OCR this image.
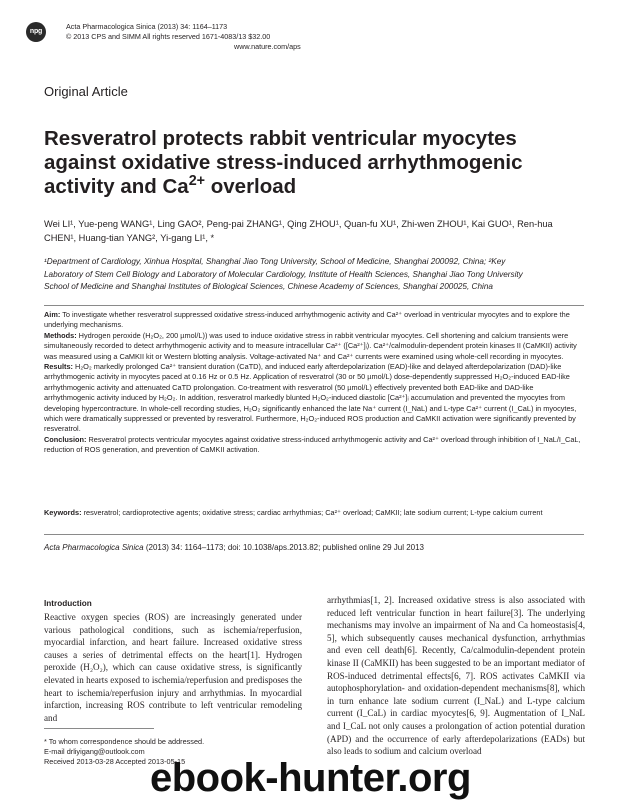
npg
Acta Pharmacologica Sinica (2013) 34: 1164–1173
© 2013 CPS and SIMM All rights reserved 1671-4083/13 $32.00
www.nature.com/aps
Original Article
Resveratrol protects rabbit ventricular myocytes
against oxidative stress-induced arrhythmogenic
activity and $Ca^{2+}$ overload
Wei LI¹, Yue-peng WANG¹, Ling GAO², Peng-pai ZHANG¹, Qing ZHOU¹, Quan-fu XU¹, Zhi-wen ZHOU¹, Kai GUO¹, Ren-hua
CHEN¹, Huang-tian YANG², Yi-gang LI¹, *
¹Department of Cardiology, Xinhua Hospital, Shanghai Jiao Tong University, School of Medicine, Shanghai 200092, China; ²Key
Laboratory of Stem Cell Biology and Laboratory of Molecular Cardiology, Institute of Health Sciences, Shanghai Jiao Tong University
School of Medicine and Shanghai Institutes of Biological Sciences, Chinese Academy of Sciences, Shanghai 200025, China

Aim: To investigate whether resveratrol suppressed oxidative stress-induced arrhythmogenic activity and Ca²⁺ overload in ventricular myocytes and to explore the underlying mechanisms.

Methods: Hydrogen peroxide (H₂O₂, 200 µmol/L)) was used to induce oxidative stress in rabbit ventricular myocytes. Cell shortening and calcium transients were simultaneously recorded to detect arrhythmogenic activity and to measure intracellular Ca²⁺ ([Ca²⁺]ᵢ). Ca²⁺/calmodulin-dependent protein kinases II (CaMKII) activity was measured using a CaMKII kit or Western blotting analysis. Voltage-activated Na⁺ and Ca²⁺ currents were examined using whole-cell recording in myocytes.

Results: H₂O₂ markedly prolonged Ca²⁺ transient duration (CaTD), and induced early afterdepolarization (EAD)-like and delayed afterdepolarization (DAD)-like arrhythmogenic activity in myocytes paced at 0.16 Hz or 0.5 Hz. Application of resveratrol (30 or 50 µmol/L) dose-dependently suppressed H₂O₂-induced EAD-like arrhythmogenic activity and attenuated CaTD prolongation. Co-treatment with resveratrol (50 µmol/L) effectively prevented both EAD-like and DAD-like arrhythmogenic activity induced by H₂O₂. In addition, resveratrol markedly blunted H₂O₂-induced diastolic [Ca²⁺]ᵢ accumulation and prevented the myocytes from developing hypercontracture. In whole-cell recording studies, H₂O₂ significantly enhanced the late Na⁺ current (I_NaL) and L-type Ca²⁺ current (I_CaL) in myocytes, which were dramatically suppressed or prevented by resveratrol. Furthermore, H₂O₂-induced ROS production and CaMKII activation were significantly prevented by resveratrol.

Conclusion: Resveratrol protects ventricular myocytes against oxidative stress-induced arrhythmogenic activity and Ca²⁺ overload through inhibition of I_NaL/I_CaL, reduction of ROS generation, and prevention of CaMKII activation.

Keywords: resveratrol; cardioprotective agents; oxidative stress; cardiac arrhythmias; Ca²⁺ overload; CaMKII; late sodium current; L-type calcium current
Acta Pharmacologica Sinica (2013) 34: 1164–1173; doi: 10.1038/aps.2013.82; published online 29 Jul 2013
Introduction
Reactive oxygen species (ROS) are increasingly generated under various pathological conditions, such as ischemia/reperfusion, myocardial infarction, and heart failure. Increased oxidative stress causes a series of detrimental effects on the heart[1]. Hydrogen peroxide (H₂O₂), which can cause oxidative stress, is significantly elevated in hearts exposed to ischemia/reperfusion and predisposes the heart to ischemia/reperfusion injury and arrhythmias. In myocardial infarction, increasing ROS contribute to left ventricular remodeling and
arrhythmias[1, 2]. Increased oxidative stress is also associated with reduced left ventricular function in heart failure[3]. The underlying mechanisms may involve an impairment of Na and Ca homeostasis[4, 5], which subsequently causes mechanical dysfunction, arrhythmias and even cell death[6]. Recently, Ca/calmodulin-dependent protein kinase II (CaMKII) has been suggested to be an important mediator of ROS-induced detrimental effects[6, 7]. ROS activates CaMKII via autophosphorylation- and oxidation-dependent mechanisms[8], which in turn enhance late sodium current (I_NaL) and L-type calcium current (I_CaL) in cardiac myocytes[6, 9]. Augmentation of I_NaL and I_CaL not only causes a prolongation of action potential duration (APD) and the occurrence of early afterdepolarizations (EADs) but also leads to sodium and calcium overload
* To whom correspondence should be addressed.
E-mail drliyigang@outlook.com
Received 2013-03-28 Accepted 2013-05-15
ebook-hunter.org
